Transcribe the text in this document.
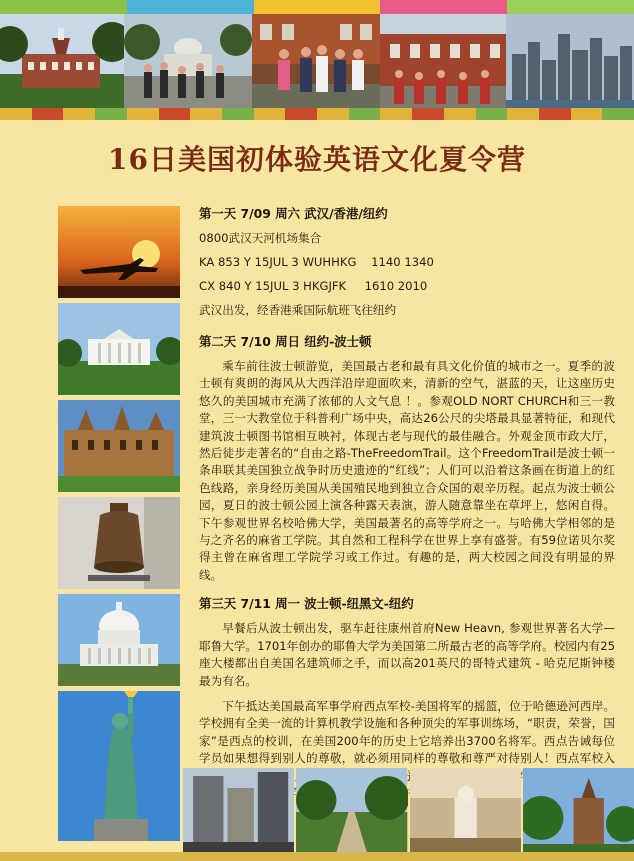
16日美国初体验英语文化夏令营
第一天 7/09 周六 武汉/香港/纽约
0800武汉天河机场集合
KA 853 Y 15JUL 3 WUHHKG    1140 1340
CX 840 Y 15JUL 3 HKGJFK     1610 2010
武汉出发，经香港乘国际航班飞往纽约
第二天 7/10 周日 纽约-波士顿

乘车前往波士顿游览，美国最古老和最有具文化价值的城市之一。夏季的波士顿有爽朗的海风从大西洋沿岸迎面吹来，清新的空气，湛蓝的天，让这座历史悠久的美国城市充满了浓郁的人文气息 ！。参观OLD NORT CHURCH和三一教堂，三一大教堂位于科普利广场中央，高达26公尺的尖塔最具显著特征，和现代建筑波士顿图书馆相互映衬，体现古老与现代的最佳融合。外观金顶市政大厅，然后徒步走著名的“自由之路-TheFreedomTrail。这个FreedomTrail是波士顿一条串联其美国独立战争时历史遗迹的“红线”；人们可以沿着这条画在街道上的红色线路，亲身经历美国从美国殖民地到独立合众国的艰辛历程。起点为波士顿公园，夏日的波士顿公园上演各种露天表演，游人随意靠坐在草坪上，悠闲自得。下午参观世界名校哈佛大学，美国最著名的高等学府之一。与哈佛大学相邻的是与之齐名的麻省工学院。其自然和工程科学在世界上享有盛誉。有59位诺贝尔奖得主曾在麻省理工学院学习或工作过。有趣的是，两大校园之间没有明显的界线。

第三天 7/11 周一 波士顿-纽黑文-纽约

早餐后从波士顿出发，驱车赶往康州首府New Heavn, 参观世界著名大学—耶鲁大学。1701年创办的耶鲁大学为美国第二所最古老的高等学府。校园内有25座大楼都出自美国名建筑师之手，而以高201英尺的哥特式建筑 - 哈克尼斯钟楼最为有名。

下午抵达美国最高军事学府西点军校-美国将军的摇篮，位于哈德逊河西岸。学校拥有全美一流的计算机教学设施和各种顶尖的军事训练场，“职责，荣誉，国家”是西点的校训，在美国200年的历史上它培养出3700名将军。西点告诫每位学员如果想得到别人的尊敬，就必须用同样的尊敬和尊严对待别人！西点军校入
